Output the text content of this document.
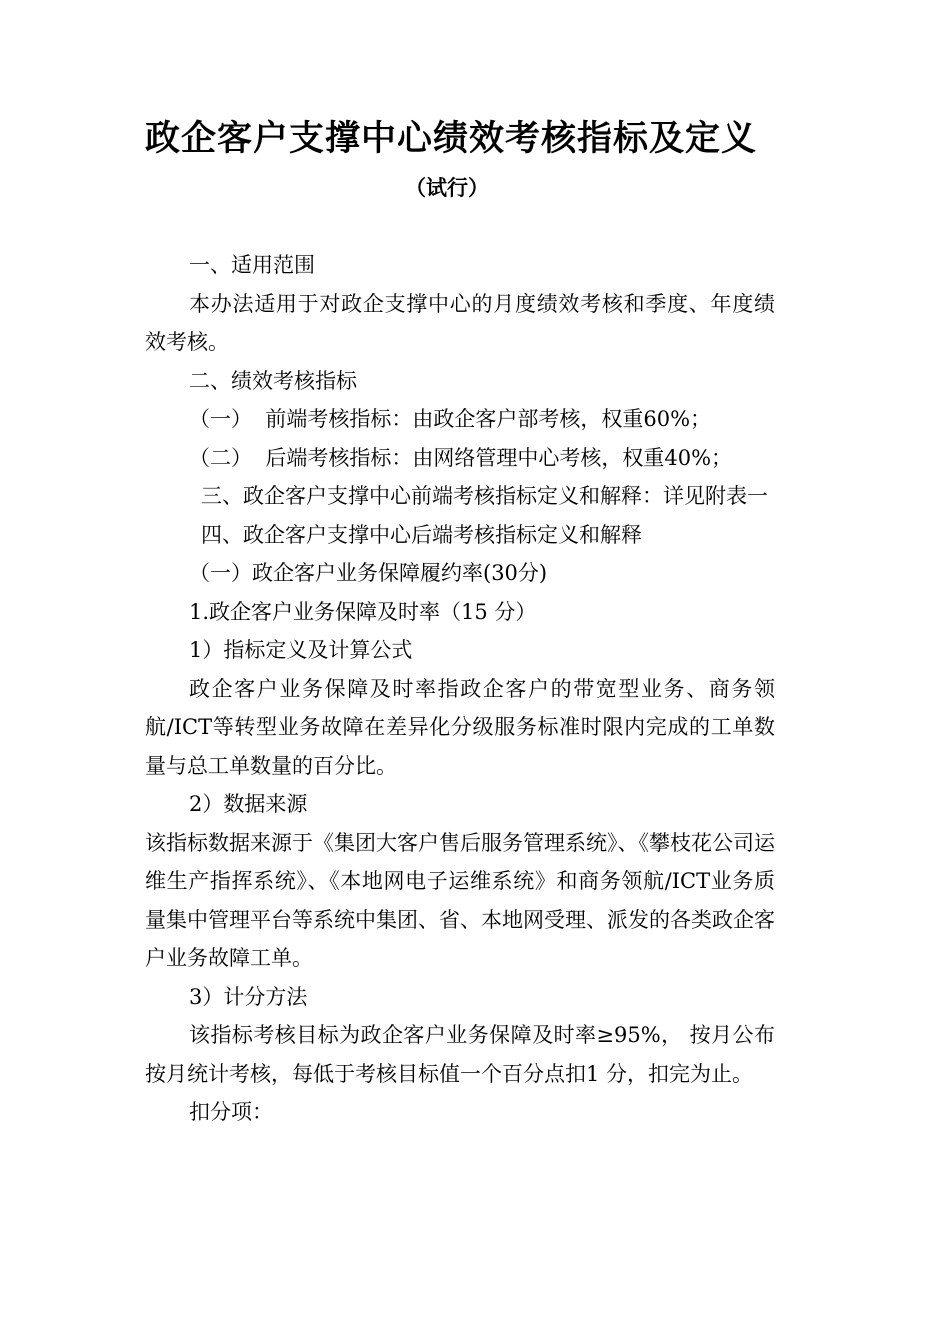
政企客户支撑中心绩效考核指标及定义
（试行）

一、适用范围

本办法适用于对政企支撑中心的月度绩效考核和季度、年度绩效考核。

二、绩效考核指标

（一）  前端考核指标：由政企客户部考核，权重60%；

（二）  后端考核指标：由网络管理中心考核，权重40%；

三、政企客户支撑中心前端考核指标定义和解释：详见附表一

四、政企客户支撑中心后端考核指标定义和解释

（一）政企客户业务保障履约率(30分)

1.政企客户业务保障及时率（15 分）

1）指标定义及计算公式

政企客户业务保障及时率指政企客户的带宽型业务、商务领航/ICT等转型业务故障在差异化分级服务标准时限内完成的工单数量与总工单数量的百分比。

2）数据来源

该指标数据来源于《集团大客户售后服务管理系统》、《攀枝花公司运维生产指挥系统》、《本地网电子运维系统》和商务领航/ICT业务质量集中管理平台等系统中集团、省、本地网受理、派发的各类政企客户业务故障工单。

3）计分方法

该指标考核目标为政企客户业务保障及时率≥95%， 按月公布按月统计考核，每低于考核目标值一个百分点扣1 分，扣完为止。

扣分项：
